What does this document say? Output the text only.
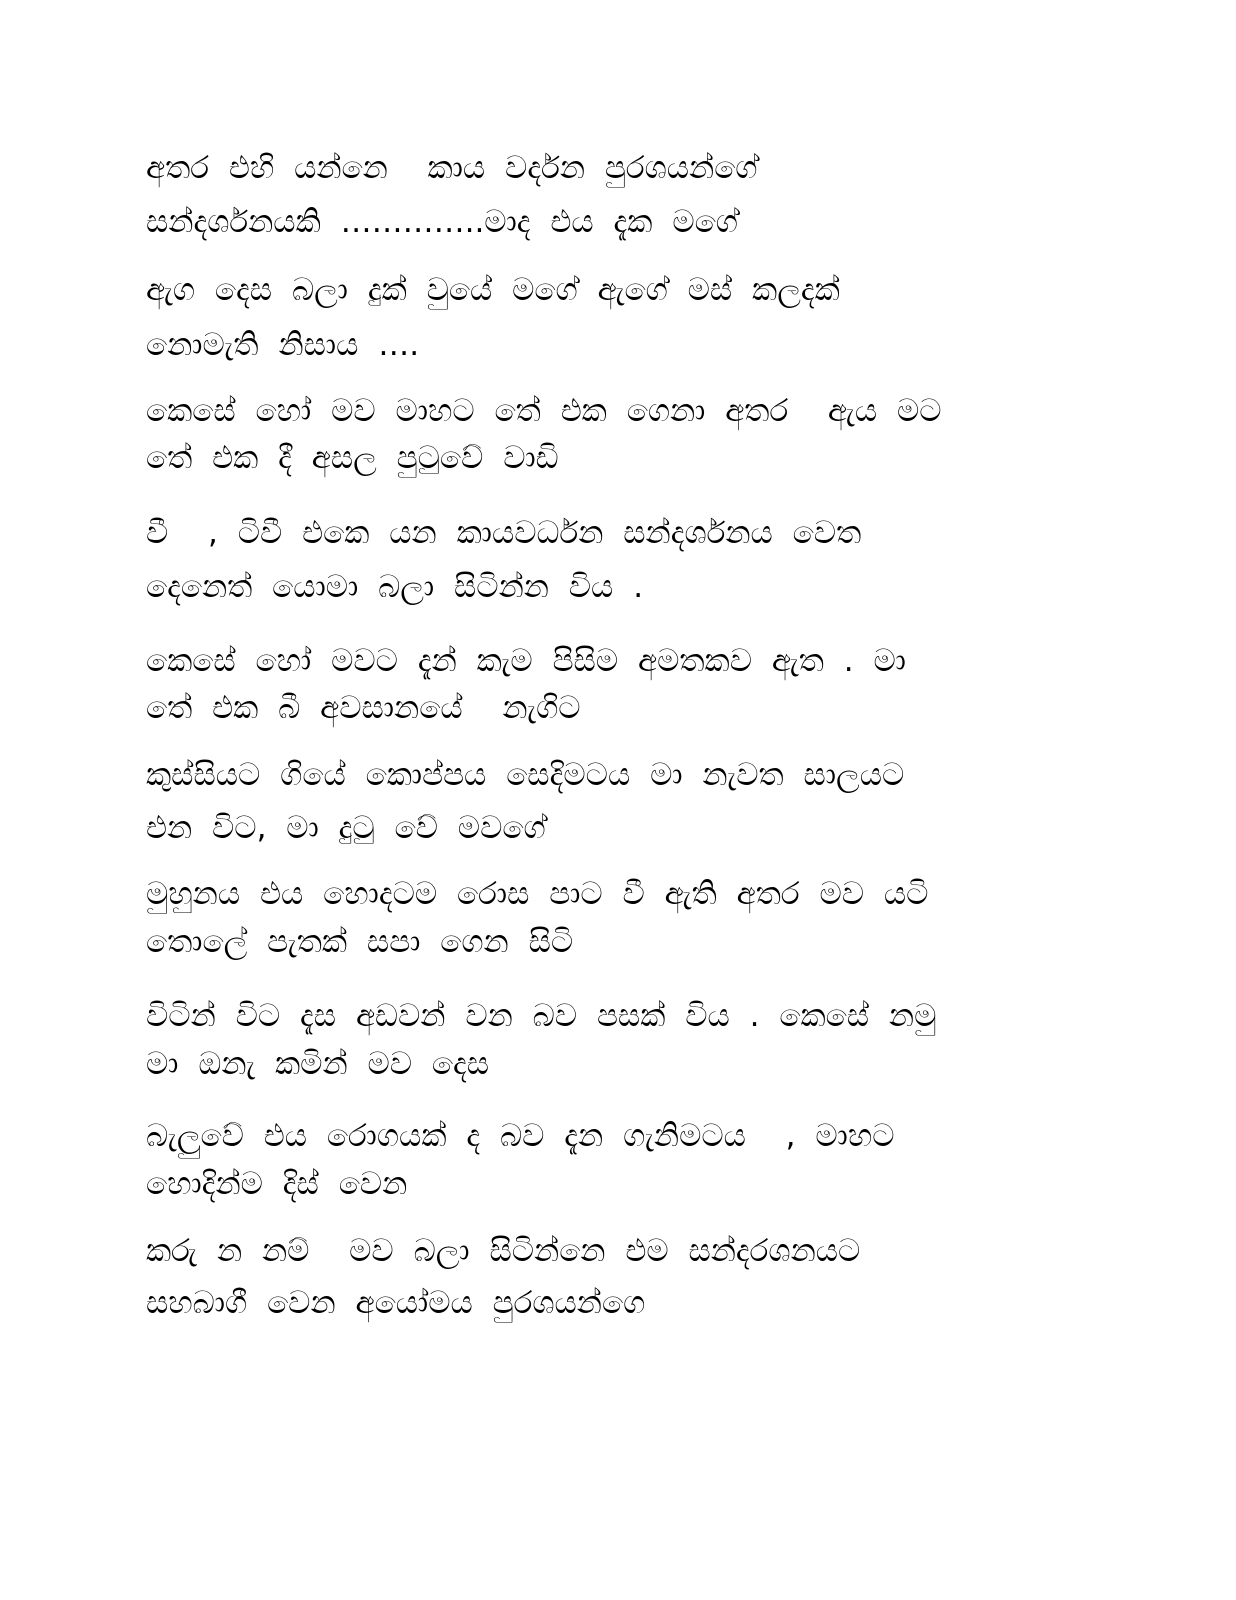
අතර එහි යන්නෙ  කාය වර්දන පුරශයන්ගේ
සන්දර්ශනයකි …………..මාද එය දැක මගේ
ඇග දෙස බලා දුක් වුයේ මගේ ඇගේ මස් කලදක්
නොමැති නිසාය ….
කෙසේ හෝ මව මාහට තේ එක ගෙනා අතර  ඇය මට
තේ එක දී අසල පුටුවේ වාඩි
වී  , ටිවී එකෙ යන කායවර්ධන සන්දර්ශනය වෙත
දෙනෙත් යොමා බලා සිටින්න විය .
කෙසේ හෝ මවට දැන් කැම පිසිම අමතකව ඇත . මා
තේ එක බී අවසානයේ  නැගිට
කුස්සියට ගියේ කොප්පය සෙදිමටය මා නැවත සාලයට
එන විට, මා දුටු වේ මවගේ
මුහුනය එය හොදටම රොස පාට වී ඇති අතර මව යටි
තොලේ පැතක් සපා ගෙන සිටි
විටින් විට දැස අඩවන් වන බව පසක් විය . කෙසේ නමු
මා ඔනැ කමින් මව දෙස
බැලුවේ එය රොගයක් ද බව දැන ගැනිමටය  , මාහට
හොදින්ම දිස් වෙන
කරු න නම්  මව බලා සිටින්නෙ එම සන්දරශනයට
සහබාගී වෙන අයෝමය පුරශයන්ගෙ
